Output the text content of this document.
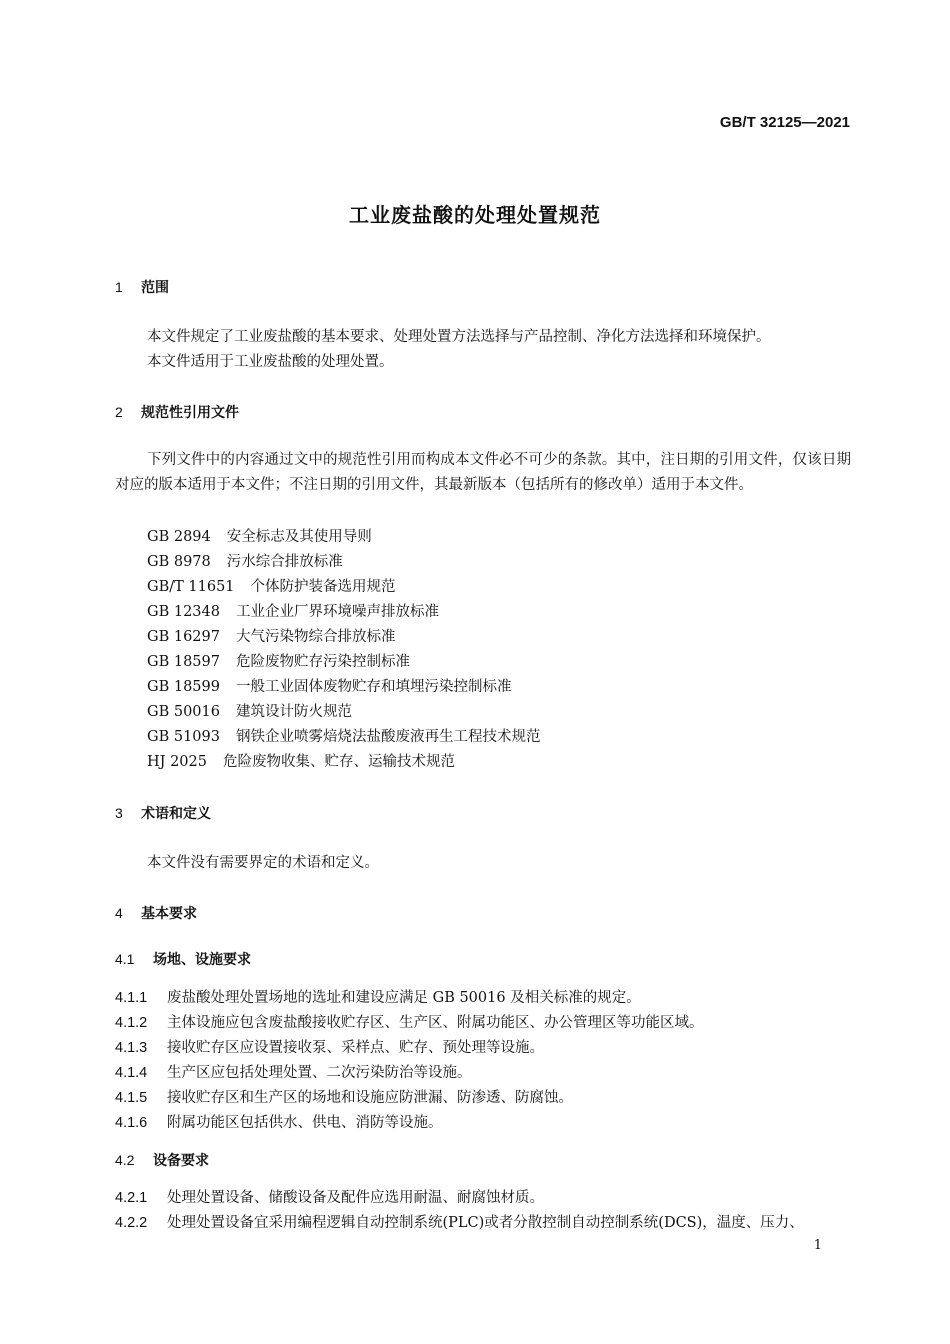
GB/T 32125—2021
工业废盐酸的处理处置规范
1 范围
本文件规定了工业废盐酸的基本要求、处理处置方法选择与产品控制、净化方法选择和环境保护。
本文件适用于工业废盐酸的处理处置。
2 规范性引用文件
下列文件中的内容通过文中的规范性引用而构成本文件必不可少的条款。其中，注日期的引用文件，仅该日期对应的版本适用于本文件；不注日期的引用文件，其最新版本（包括所有的修改单）适用于本文件。
GB 2894 安全标志及其使用导则
GB 8978 污水综合排放标准
GB/T 11651 个体防护装备选用规范
GB 12348 工业企业厂界环境噪声排放标准
GB 16297 大气污染物综合排放标准
GB 18597 危险废物贮存污染控制标准
GB 18599 一般工业固体废物贮存和填埋污染控制标准
GB 50016 建筑设计防火规范
GB 51093 钢铁企业喷雾焙烧法盐酸废液再生工程技术规范
HJ 2025 危险废物收集、贮存、运输技术规范
3 术语和定义
本文件没有需要界定的术语和定义。
4 基本要求
4.1 场地、设施要求
4.1.1 废盐酸处理处置场地的选址和建设应满足 GB 50016 及相关标准的规定。
4.1.2 主体设施应包含废盐酸接收贮存区、生产区、附属功能区、办公管理区等功能区域。
4.1.3 接收贮存区应设置接收泵、采样点、贮存、预处理等设施。
4.1.4 生产区应包括处理处置、二次污染防治等设施。
4.1.5 接收贮存区和生产区的场地和设施应防泄漏、防渗透、防腐蚀。
4.1.6 附属功能区包括供水、供电、消防等设施。
4.2 设备要求
4.2.1 处理处置设备、储酸设备及配件应选用耐温、耐腐蚀材质。
4.2.2 处理处置设备宜采用编程逻辑自动控制系统(PLC)或者分散控制自动控制系统(DCS)，温度、压力、
1
